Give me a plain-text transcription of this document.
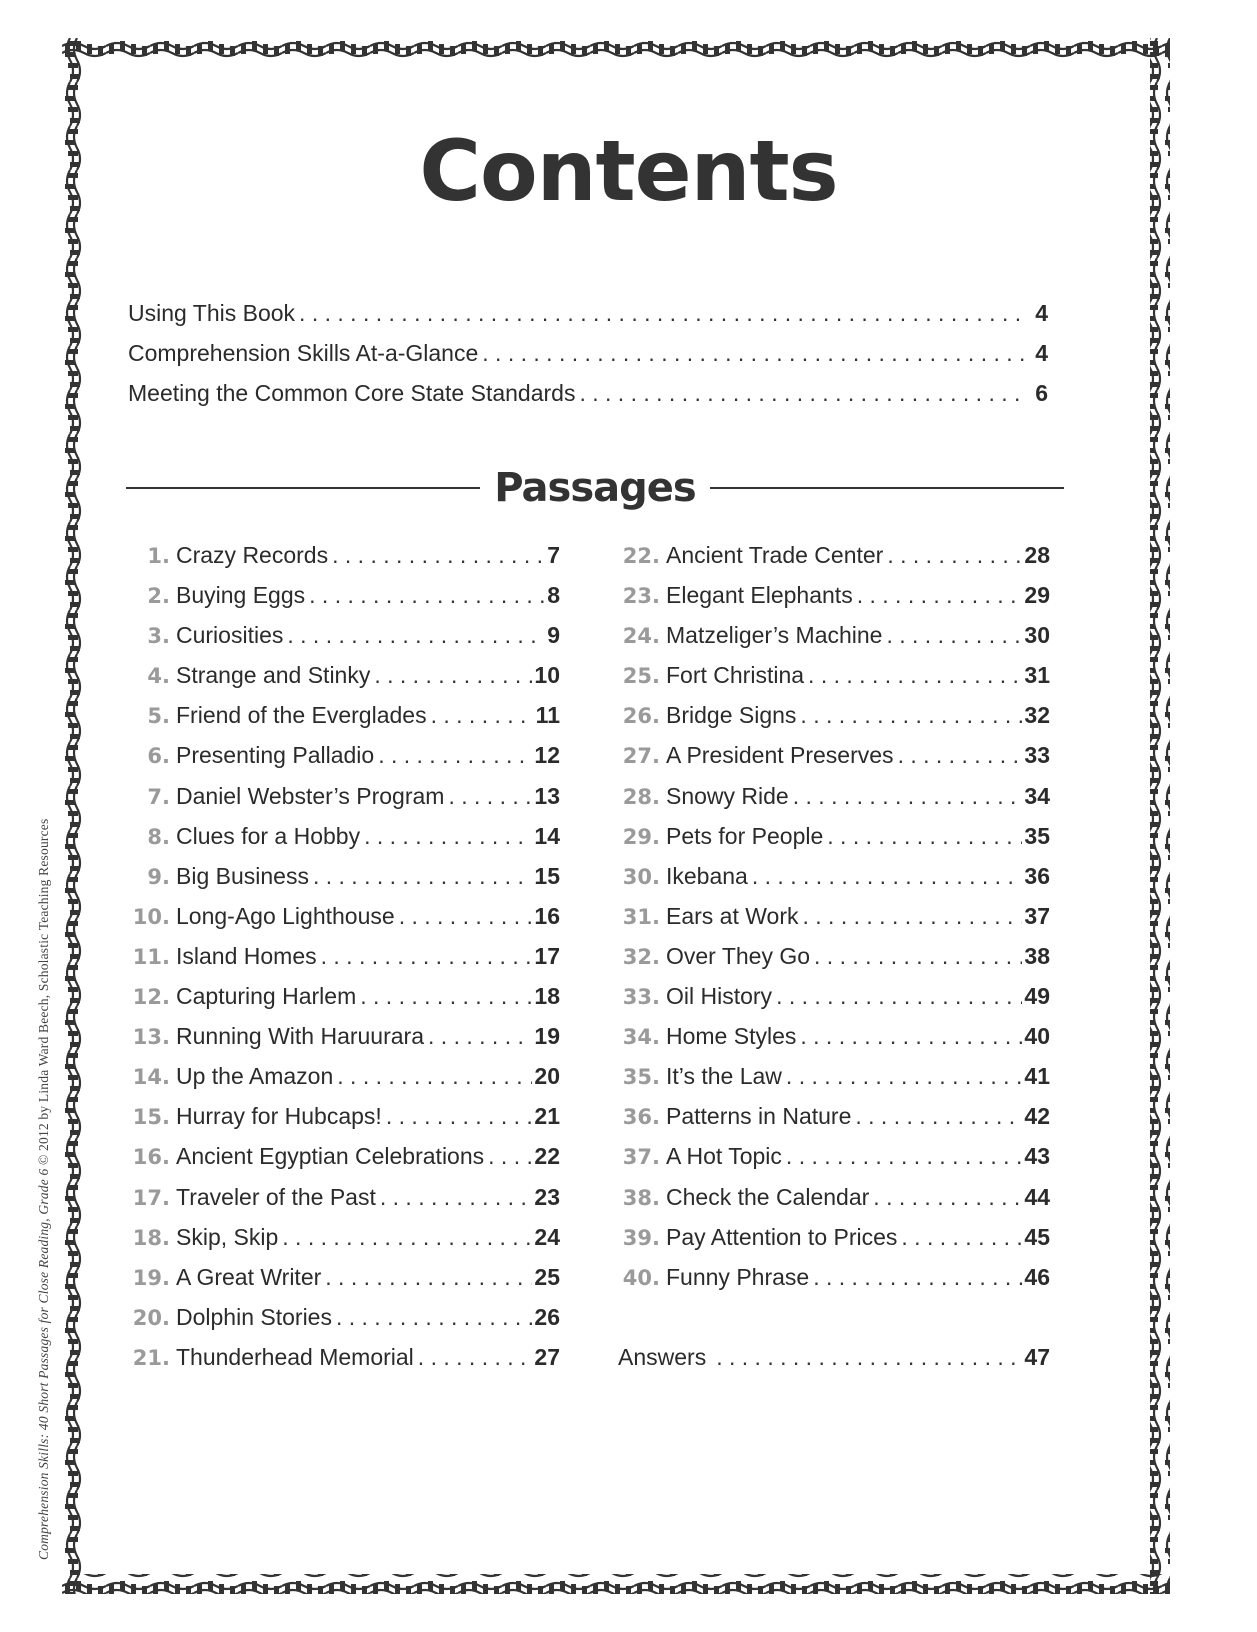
Comprehension Skills: 40 Short Passages for Close Reading, Grade 6 © 2012 by Linda Ward Beech, Scholastic Teaching Resources
Contents
Using This Book . . .	4
Comprehension Skills At-a-Glance . . .	4
Meeting the Common Core State Standards . . .	6
Passages
1. Crazy Records . . .	7
2. Buying Eggs . . .	8
3. Curiosities . . .	9
4. Strange and Stinky . . .	10
5. Friend of the Everglades . . .	11
6. Presenting Palladio . . .	12
7. Daniel Webster’s Program . . .	13
8. Clues for a Hobby . . .	14
9. Big Business . . .	15
10. Long-Ago Lighthouse . . .	16
11. Island Homes . . .	17
12. Capturing Harlem . . .	18
13. Running With Haruurara . . .	19
14. Up the Amazon . . .	20
15. Hurray for Hubcaps! . . .	21
16. Ancient Egyptian Celebrations . . . 22
17. Traveler of the Past . . .	23
18. Skip, Skip . . .	24
19. A Great Writer . . .	25
20. Dolphin Stories . . .	26
21. Thunderhead Memorial . . .	27
22. Ancient Trade Center . . .	28
23. Elegant Elephants . . .	29
24. Matzeliger’s Machine . . .	30
25. Fort Christina . . .	31
26. Bridge Signs . . .	32
27. A President Preserves . . .	33
28. Snowy Ride . . .	34
29. Pets for People . . .	35
30. Ikebana . . .	36
31. Ears at Work . . .	37
32. Over They Go . . .	38
33. Oil History . . .	49
34. Home Styles . . .	40
35. It’s the Law . . .	41
36. Patterns in Nature . . .	42
37. A Hot Topic . . .	43
38. Check the Calendar . . .	44
39. Pay Attention to Prices . . .	45
40. Funny Phrase . . .	46
Answers . . .	47
